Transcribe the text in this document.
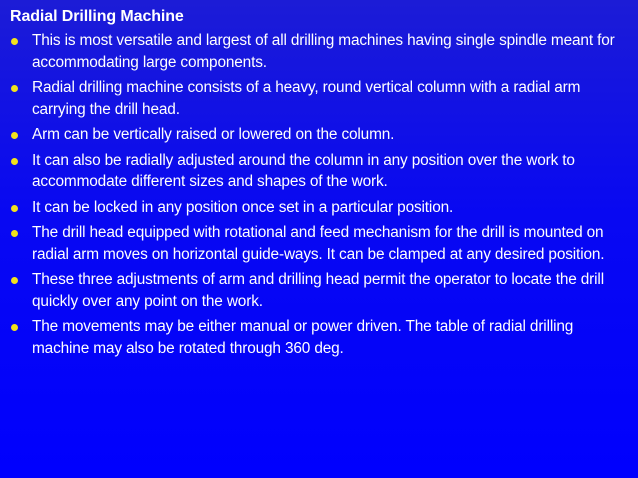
Radial Drilling Machine
This is most versatile and largest of all drilling machines having single spindle meant for accommodating large components.
Radial drilling machine consists of a heavy, round vertical column with a radial arm carrying the drill head.
Arm can be vertically raised or lowered on the column.
It can also be radially adjusted around the column in any position over the work to accommodate different sizes and shapes of the work.
It can be locked in any position once set in a particular position.
The drill head equipped with rotational and feed mechanism for the drill is mounted on radial arm moves on horizontal guide-ways. It can be clamped at any desired position.
These three adjustments of arm and drilling head permit the operator to locate the drill quickly over any point on the work.
The movements may be either manual or power driven. The table of radial drilling machine may also be rotated through 360 deg.
